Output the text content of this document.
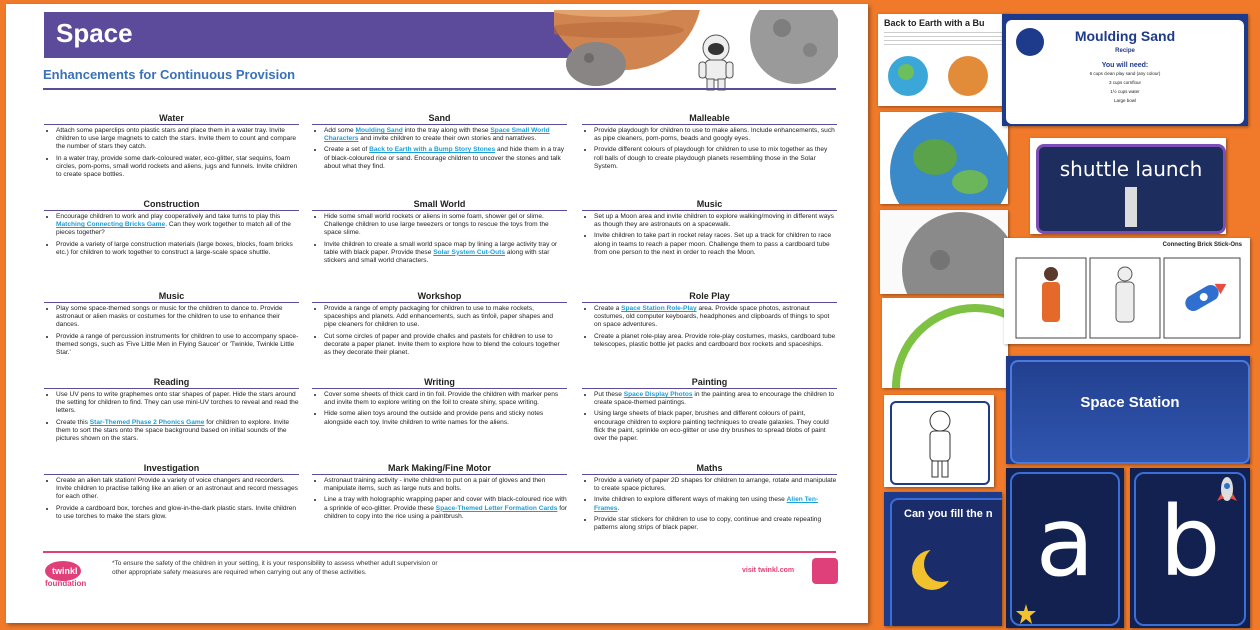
Space
Enhancements for Continuous Provision
Water
• Attach some paperclips onto plastic stars and place them in a water tray. Invite children to use large magnets to catch the stars. Invite them to count and compare the number of stars they catch.
• In a water tray, provide some dark-coloured water, eco-glitter, star sequins, foam circles, pom-poms, small world rockets and aliens, jugs and funnels. Invite children to create space bottles.
Construction
• Encourage children to work and play cooperatively and take turns to play this Matching Connecting Bricks Game. Can they work together to match all of the pieces together?
• Provide a variety of large construction materials (large boxes, blocks, foam bricks etc.) for children to work together to construct a large-scale space shuttle.
Music
• Play some space-themed songs or music for the children to dance to. Provide astronaut or alien masks or costumes for the children to use to enhance their dances.
• Provide a range of percussion instruments for children to use to accompany space-themed songs, such as 'Five Little Men in Flying Saucer' or 'Twinkle, Twinkle Little Star.'
Reading
• Use UV pens to write graphemes onto star shapes of paper. Hide the stars around the setting for children to find. They can use mini-UV torches to reveal and read the letters.
• Create this Star-Themed Phase 2 Phonics Game for children to explore. Invite them to sort the stars onto the space background based on initial sounds of the pictures shown on the stars.
Investigation
• Create an alien talk station! Provide a variety of voice changers and recorders. Invite children to practise talking like an alien or an astronaut and record messages for each other.
• Provide a cardboard box, torches and glow-in-the-dark plastic stars. Invite children to use torches to make the stars glow.
Sand
• Add some Moulding Sand into the tray along with these Space Small World Characters and invite children to create their own stories and narratives.
• Create a set of Back to Earth with a Bump Story Stones and hide them in a tray of black-coloured rice or sand. Encourage children to uncover the stones and talk about what they find.
Small World
• Hide some small world rockets or aliens in some foam, shower gel or slime. Challenge children to use large tweezers or tongs to rescue the toys from the space slime.
• Invite children to create a small world space map by lining a large activity tray or table with black paper. Provide these Solar System Cut-Outs along with star stickers and small world characters.
Workshop
• Provide a range of empty packaging for children to use to make rockets, spaceships and planets. Add enhancements, such as tinfoil, paper shapes and pipe cleaners for children to use.
• Cut some circles of paper and provide chalks and pastels for children to use to decorate a paper planet. Invite them to explore how to blend the colours together as they decorate their planet.
Writing
• Cover some sheets of thick card in tin foil. Provide the children with marker pens and invite them to explore writing on the foil to create shiny, space writing.
• Hide some alien toys around the outside and provide pens and sticky notes alongside each toy. Invite children to write names for the aliens.
Mark Making/Fine Motor
• Astronaut training activity - invite children to put on a pair of gloves and then manipulate items, such as large nuts and bolts.
• Line a tray with holographic wrapping paper and cover with black-coloured rice with a sprinkle of eco-glitter. Provide these Space-Themed Letter Formation Cards for children to copy into the rice using a paintbrush.
Malleable
• Provide playdough for children to use to make aliens. Include enhancements, such as pipe cleaners, pom-poms, beads and googly eyes.
• Provide different colours of playdough for children to use to mix together as they roll balls of dough to create playdough planets resembling those in the Solar System.
Music
• Set up a Moon area and invite children to explore walking/moving in different ways as though they are astronauts on a spacewalk.
• Invite children to take part in rocket relay races. Set up a track for children to race along in teams to reach a paper moon. Challenge them to pass a cardboard tube from one person to the next in order to reach the Moon.
Role Play
• Create a Space Station Role-Play area. Provide space photos, astronaut costumes, old computer keyboards, headphones and clipboards of things to spot on space adventures.
• Create a planet role-play area. Provide role-play costumes, masks, cardboard tube telescopes, plastic bottle jet packs and cardboard box rockets and spaceships.
Painting
• Put these Space Display Photos in the painting area to encourage the children to create space-themed paintings.
• Using large sheets of black paper, brushes and different colours of paint, encourage children to explore painting techniques to create galaxies. They could flick the paint, sprinkle on eco-glitter or use dry brushes to spread blobs of paint over the paper.
Maths
• Provide a variety of paper 2D shapes for children to arrange, rotate and manipulate to create space pictures.
• Invite children to explore different ways of making ten using these Alien Ten-Frames.
• Provide star stickers for children to use to copy, continue and create repeating patterns along strips of black paper.
twinkl
foundation
*To ensure the safety of the children in your setting, it is your responsibility to assess whether adult supervision or other appropriate safety measures are required when carrying out any of these activities.	visit twinkl.com
Back to Earth with a Bu
Can you fill the n
Moulding Sand
Recipe
You will need:
6 cups clean play sand (any colour)
3 cups cornflour
1½ cups water
Large bowl
shuttle launch
Connecting Brick Stick-Ons
Space Station
a b
